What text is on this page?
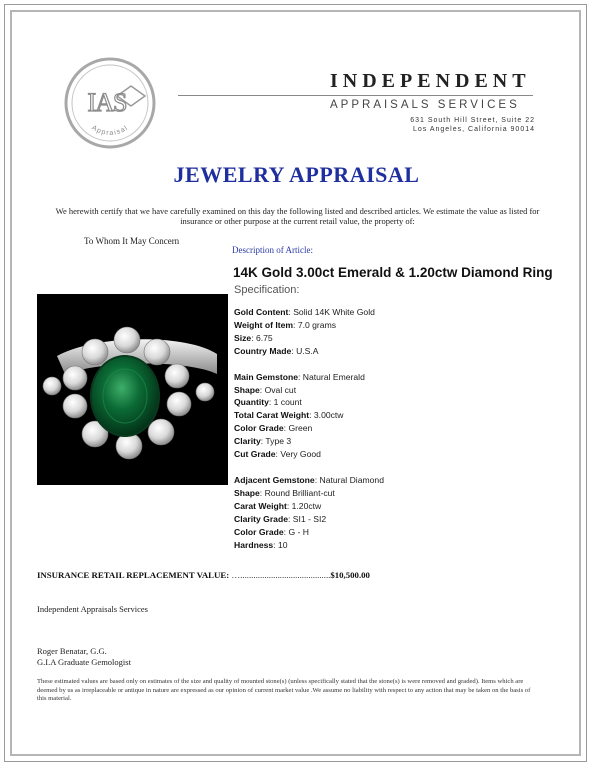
IAS
Appraisal
INDEPENDENT
APPRAISALS SERVICES
631 South Hill Street, Suite 22
Los Angeles, California 90014
JEWELRY APPRAISAL
We herewith certify that we have carefully examined on this day the following listed and described articles. We estimate the value as listed for insurance or other purpose at the current retail value, the property of:
To Whom It May Concern
Description of Article:
14K Gold 3.00ct Emerald & 1.20ctw Diamond Ring
Specification:
Gold Content: Solid 14K White Gold
Weight of Item: 7.0 grams
Size: 6.75
Country Made: U.S.A
Main Gemstone: Natural Emerald
Shape: Oval cut
Quantity: 1 count
Total Carat Weight: 3.00ctw
Color Grade: Green
Clarity: Type 3
Cut Grade: Very Good
Adjacent Gemstone: Natural Diamond
Shape: Round Brilliant-cut
Carat Weight: 1.20ctw
Clarity Grade: SI1 - SI2
Color Grade: G - H
Hardness: 10
INSURANCE RETAIL REPLACEMENT VALUE: ….........................................$10,500.00
Independent Appraisals Services
Roger Benatar, G.G.
G.I.A Graduate Gemologist
These estimated values are based only on estimates of the size and quality of mounted stone(s) (unless specifically stated that the stone(s) is were removed and graded). Items which are deemed by us as irreplaceable or antique in nature are expressed as our opinion of current market value .We assume no liability with respect to any action that may be taken on the basis of this material.
